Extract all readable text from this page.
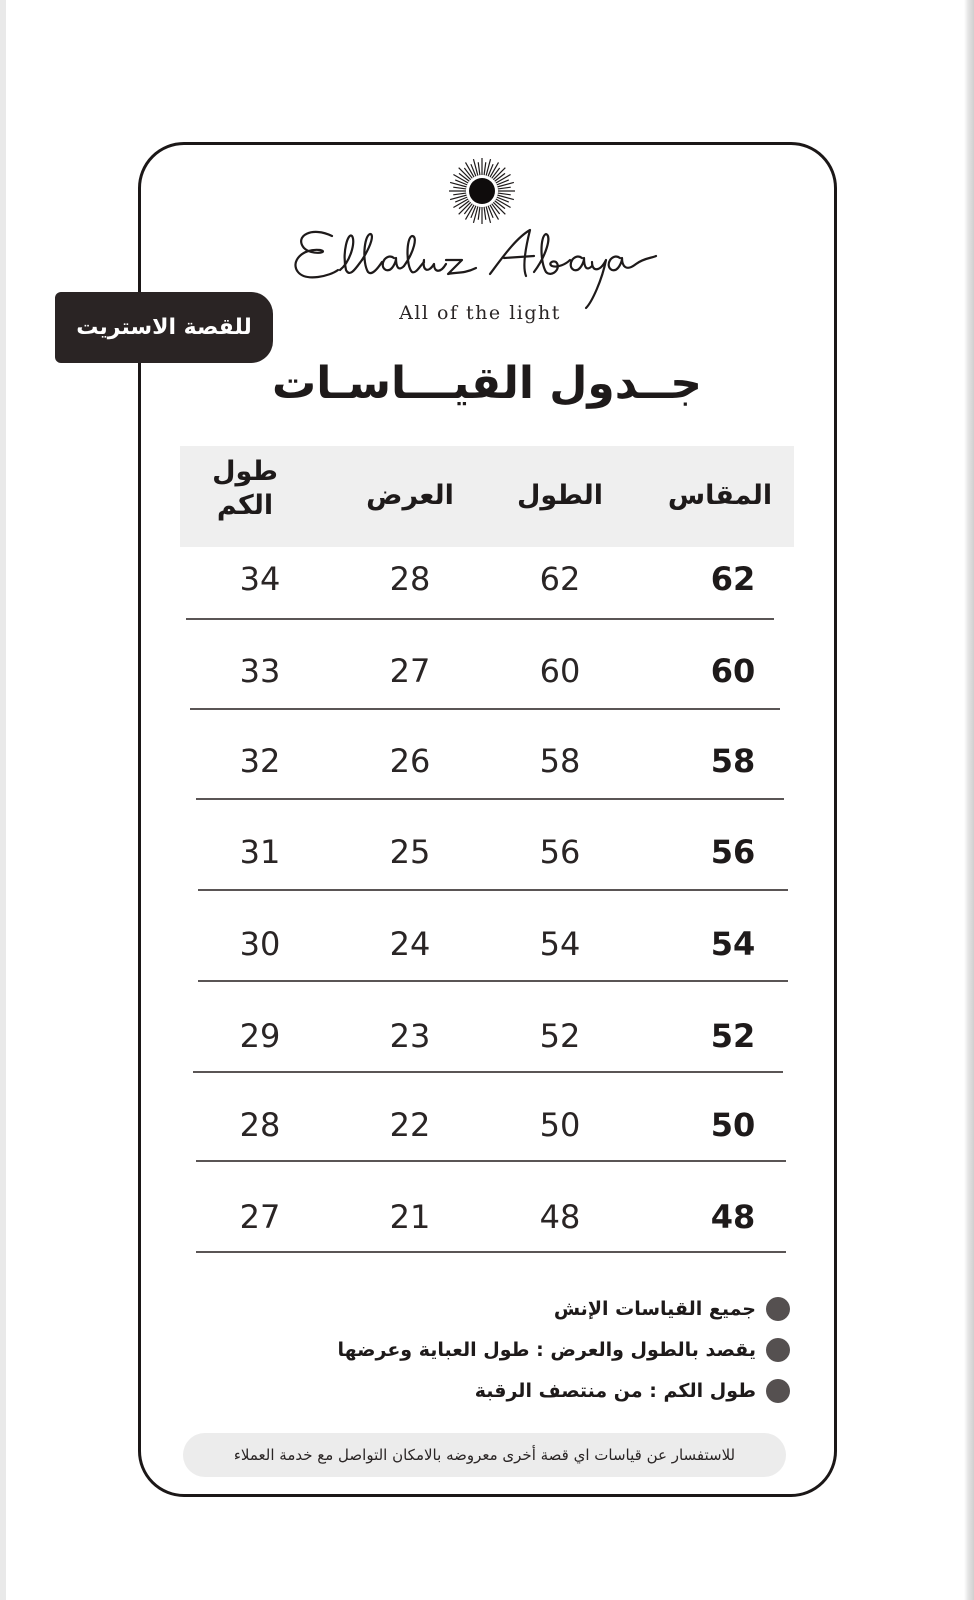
All of the light
للقصة الاستريت
جــدول القيـــاسـات
المقاس
الطول
العرض
طول الكم
62
62
28
34
60
60
27
33
58
58
26
32
56
56
25
31
54
54
24
30
52
52
23
29
50
50
22
28
48
48
21
27
جميع القياسات الإنش
يقصد بالطول والعرض : طول العباية وعرضها
طول الكم : من منتصف الرقبة
للاستفسار عن قياسات اي قصة أخرى معروضه بالامكان التواصل مع خدمة العملاء
